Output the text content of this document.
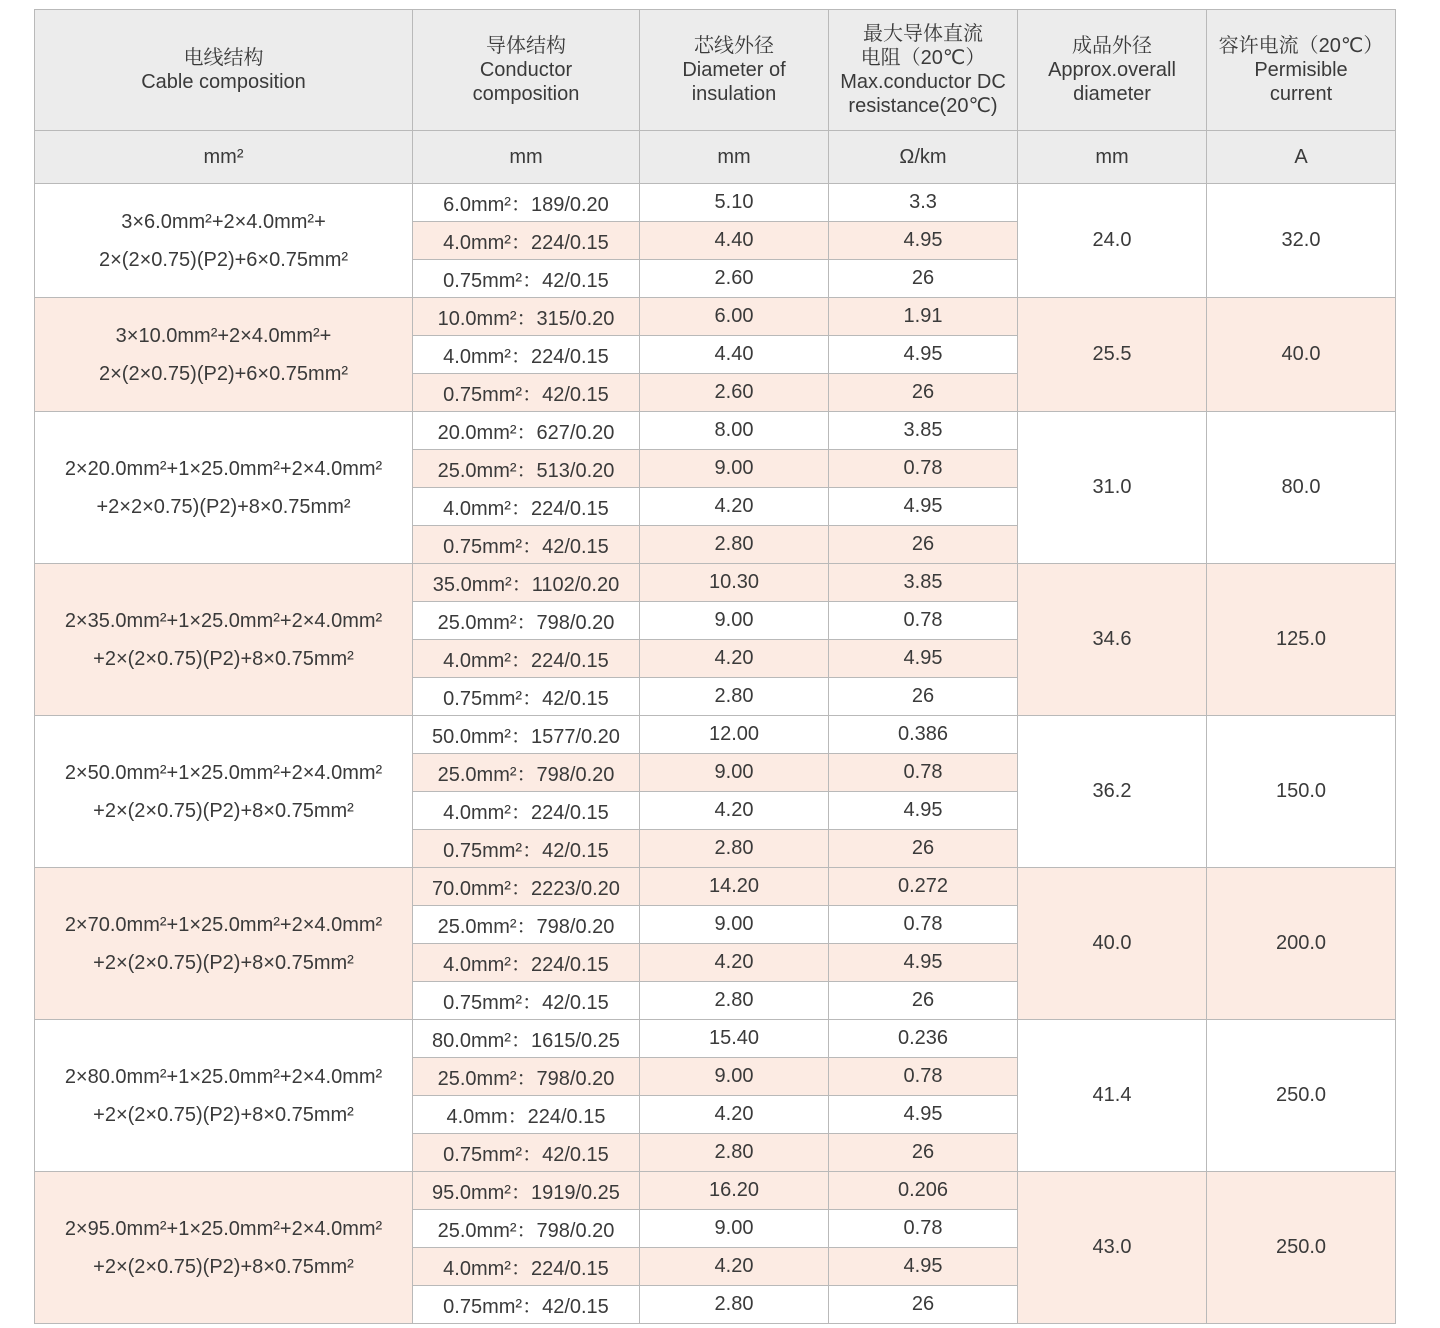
电线结构
Cable composition	导体结构
Conductor
composition	芯线外径
Diameter of
insulation	最大导体直流
电阻（20℃）
Max.conductor DC
resistance(20℃)	成品外径
Approx.overall
diameter	容许电流（20℃）
Permisible
current

mm²	mm	mm	Ω/km	mm	A

3×6.0mm²+2×4.0mm²+
2×(2×0.75)(P2)+6×0.75mm²	6.0mm²：189/0.20	5.10	3.3	24.0	32.0
	4.0mm²：224/0.15	4.40	4.95		
	0.75mm²：42/0.15	2.60	26		

3×10.0mm²+2×4.0mm²+
2×(2×0.75)(P2)+6×0.75mm²	10.0mm²：315/0.20	6.00	1.91	25.5	40.0
	4.0mm²：224/0.15	4.40	4.95		
	0.75mm²：42/0.15	2.60	26		

2×20.0mm²+1×25.0mm²+2×4.0mm²
+2×2×0.75)(P2)+8×0.75mm²	20.0mm²：627/0.20	8.00	3.85	31.0	80.0
	25.0mm²：513/0.20	9.00	0.78		
	4.0mm²：224/0.15	4.20	4.95		
	0.75mm²：42/0.15	2.80	26		

2×35.0mm²+1×25.0mm²+2×4.0mm²
+2×(2×0.75)(P2)+8×0.75mm²	35.0mm²：1102/0.20	10.30	3.85	34.6	125.0
	25.0mm²：798/0.20	9.00	0.78		
	4.0mm²：224/0.15	4.20	4.95		
	0.75mm²：42/0.15	2.80	26		

2×50.0mm²+1×25.0mm²+2×4.0mm²
+2×(2×0.75)(P2)+8×0.75mm²	50.0mm²：1577/0.20	12.00	0.386	36.2	150.0
	25.0mm²：798/0.20	9.00	0.78		
	4.0mm²：224/0.15	4.20	4.95		
	0.75mm²：42/0.15	2.80	26		

2×70.0mm²+1×25.0mm²+2×4.0mm²
+2×(2×0.75)(P2)+8×0.75mm²	70.0mm²：2223/0.20	14.20	0.272	40.0	200.0
	25.0mm²：798/0.20	9.00	0.78		
	4.0mm²：224/0.15	4.20	4.95		
	0.75mm²：42/0.15	2.80	26		

2×80.0mm²+1×25.0mm²+2×4.0mm²
+2×(2×0.75)(P2)+8×0.75mm²	80.0mm²：1615/0.25	15.40	0.236	41.4	250.0
	25.0mm²：798/0.20	9.00	0.78		
	4.0mm：224/0.15	4.20	4.95		
	0.75mm²：42/0.15	2.80	26		

2×95.0mm²+1×25.0mm²+2×4.0mm²
+2×(2×0.75)(P2)+8×0.75mm²	95.0mm²：1919/0.25	16.20	0.206	43.0	250.0
	25.0mm²：798/0.20	9.00	0.78		
	4.0mm²：224/0.15	4.20	4.95		
	0.75mm²：42/0.15	2.80	26		
